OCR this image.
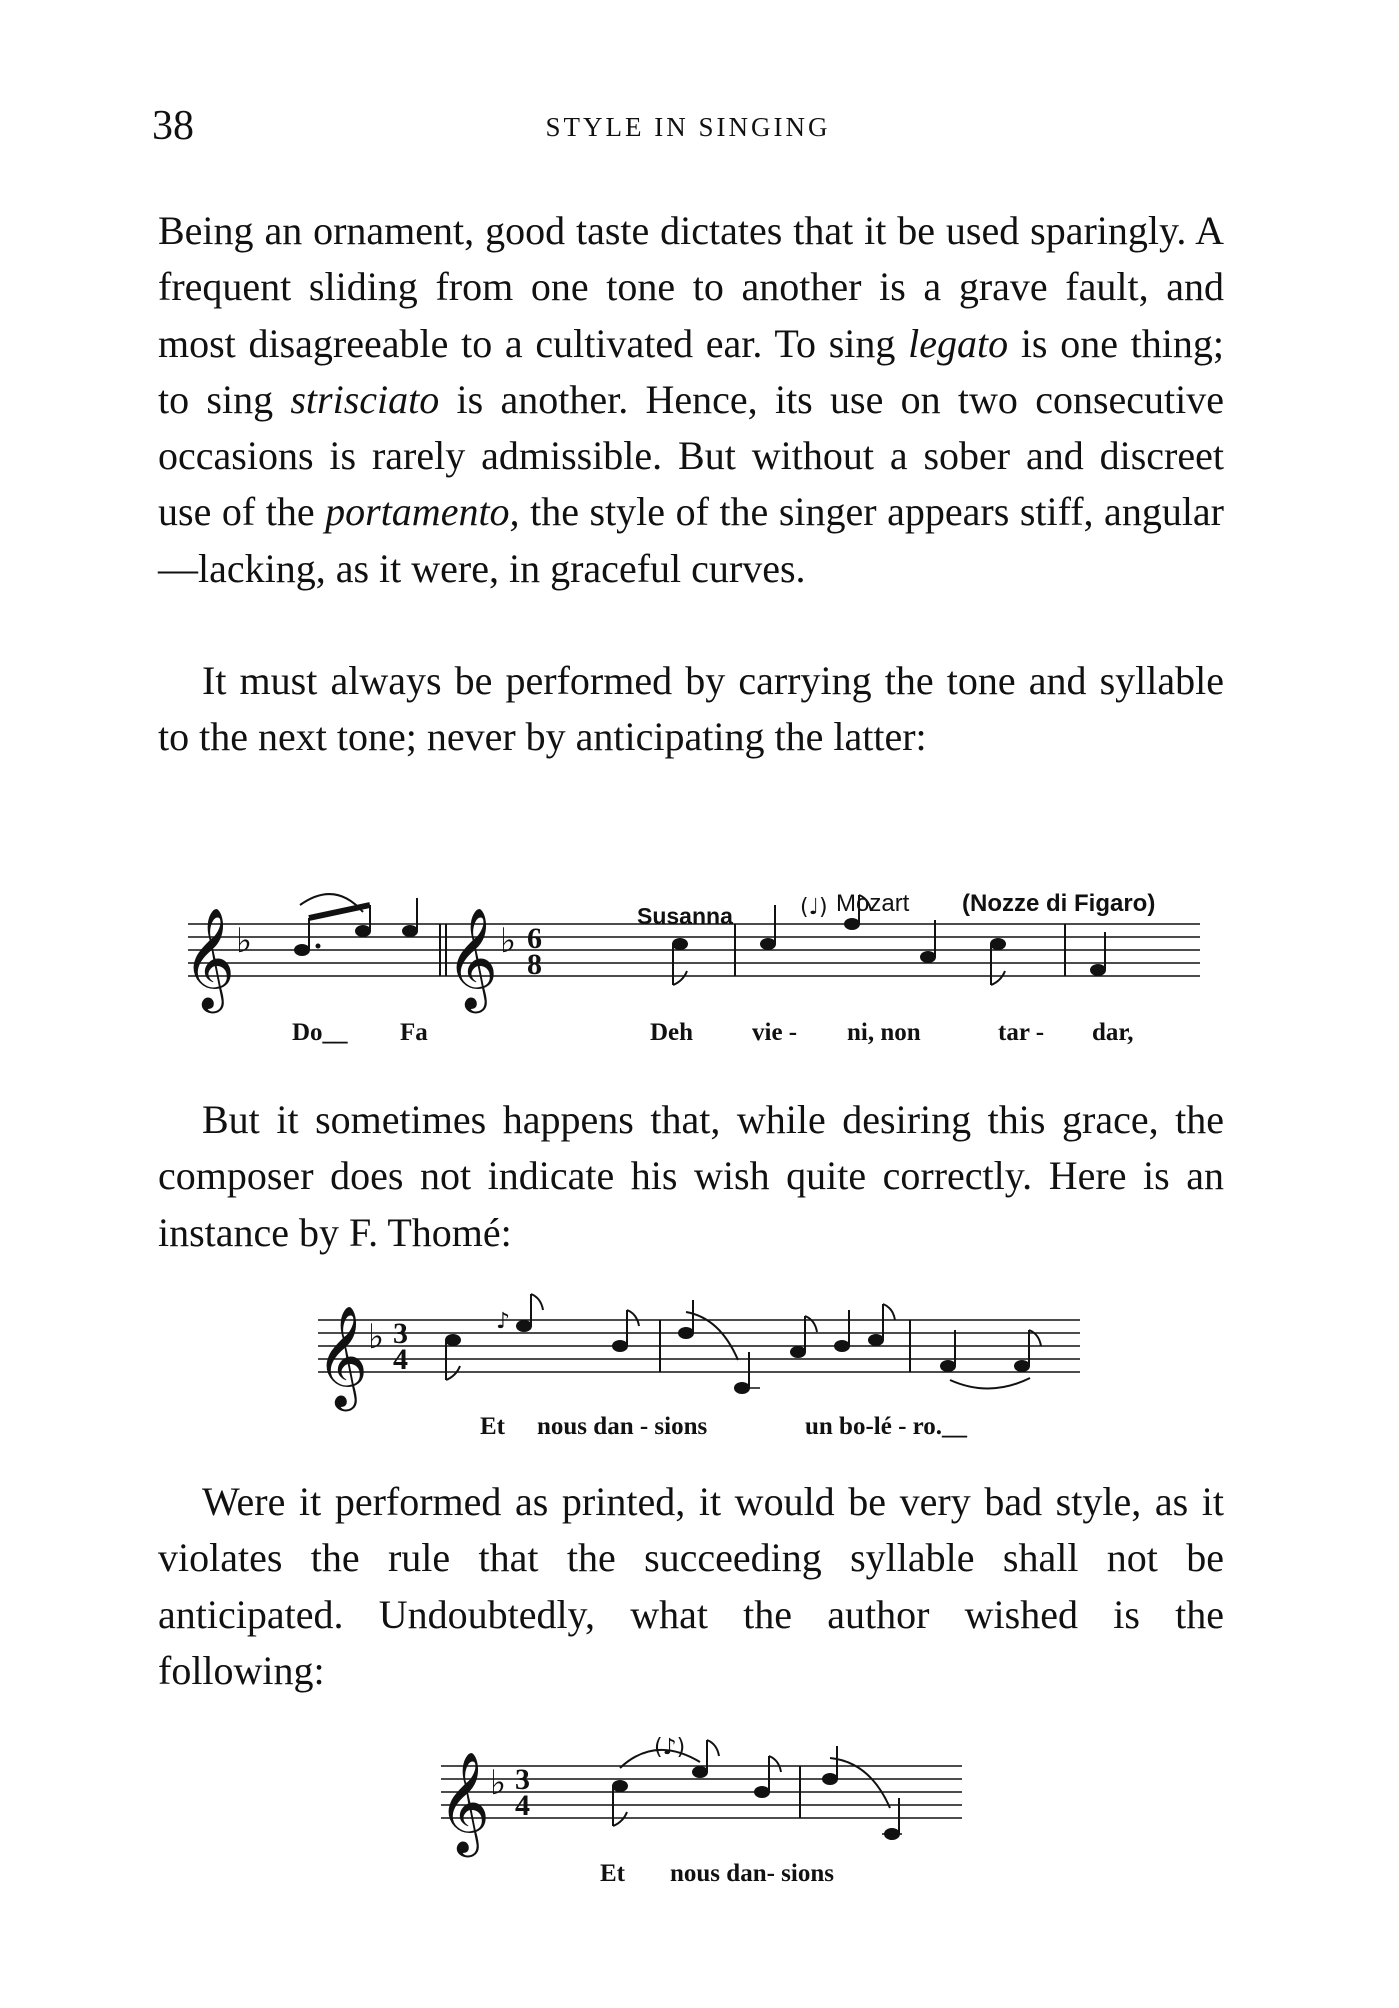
38	STYLE IN SINGING

Being an ornament, good taste dictates that it be used sparingly. A frequent sliding from one tone to another is a grave fault, and most disagreeable to a cultivated ear. To sing legato is one thing; to sing strisciato is another. Hence, its use on two consecutive occasions is rarely admissible. But without a sober and discreet use of the portamento, the style of the singer appears stiff, angular—lacking, as it were, in graceful curves.

It must always be performed by carrying the tone and syllable to the next tone; never by anticipating the latter:

𝄞 ♭ 𝄞 ♭ 6
8
(♩)
Susanna	Mozart (Nozze di Figaro)
Do__ Fa	Deh vie - ni, non	tar - dar,

But it sometimes happens that, while desiring this grace, the composer does not indicate his wish quite correctly. Here is an instance by F. Thomé:

𝄞 ♭ 3
4
♪
Et nous dan - sions	un bo-lé - ro.__

Were it performed as printed, it would be very bad style, as it violates the rule that the succeeding syllable shall not be anticipated. Undoubtedly, what the author wished is the following:

𝄞 ♭ 3
4
(♪)
Et nous dan- sions
